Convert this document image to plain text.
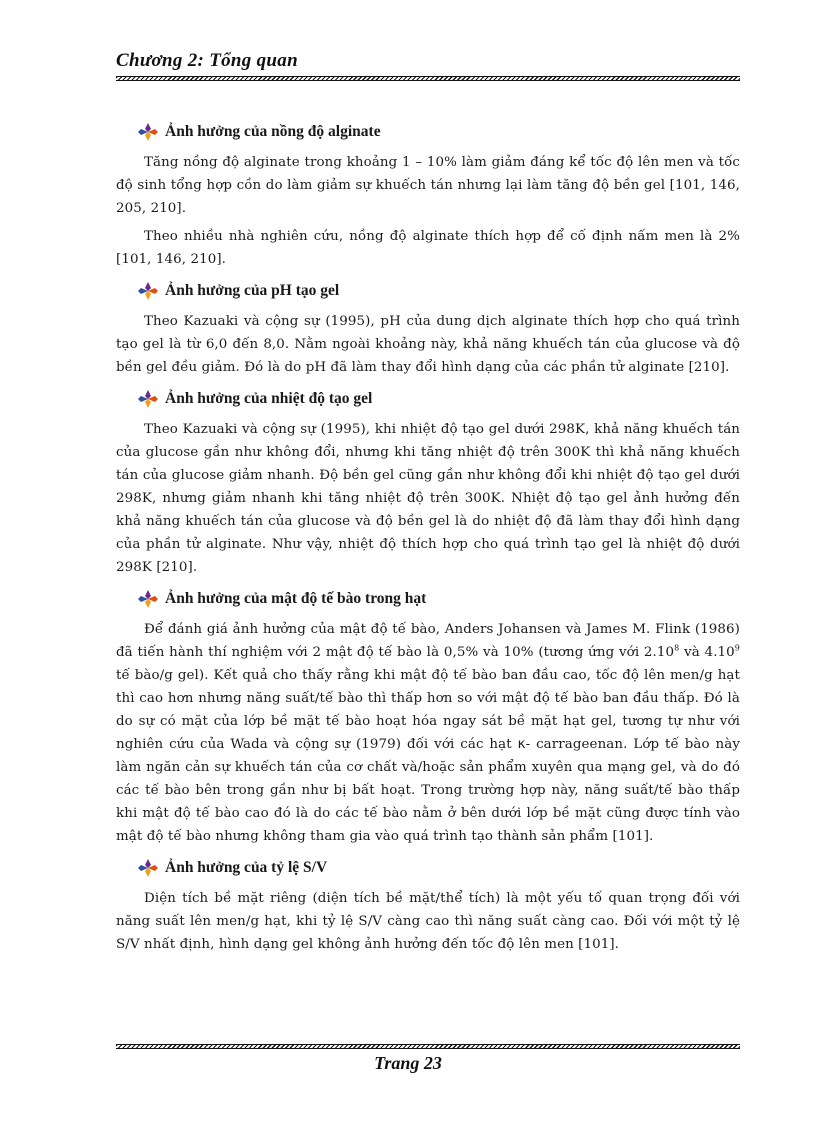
Chương 2: Tổng quan
Ảnh hưởng của nồng độ alginate

Tăng nồng độ alginate trong khoảng 1 – 10% làm giảm đáng kể tốc độ lên men và tốc độ sinh tổng hợp cồn do làm giảm sự khuếch tán nhưng lại làm tăng độ bền gel [101, 146, 205, 210].

Theo nhiều nhà nghiên cứu, nồng độ alginate thích hợp để cố định nấm men là 2% [101, 146, 210].

Ảnh hưởng của pH tạo gel

Theo Kazuaki và cộng sự (1995), pH của dung dịch alginate thích hợp cho quá trình tạo gel là từ 6,0 đến 8,0. Nằm ngoài khoảng này, khả năng khuếch tán của glucose và độ bền gel đều giảm. Đó là do pH đã làm thay đổi hình dạng của các phần tử alginate [210].

Ảnh hưởng của nhiệt độ tạo gel

Theo Kazuaki và cộng sự (1995), khi nhiệt độ tạo gel dưới 298K, khả năng khuếch tán của glucose gần như không đổi, nhưng khi tăng nhiệt độ trên 300K thì khả năng khuếch tán của glucose giảm nhanh. Độ bền gel cũng gần như không đổi khi nhiệt độ tạo gel dưới 298K, nhưng giảm nhanh khi tăng nhiệt độ trên 300K. Nhiệt độ tạo gel ảnh hưởng đến khả năng khuếch tán của glucose và độ bền gel là do nhiệt độ đã làm thay đổi hình dạng của phần tử alginate. Như vậy, nhiệt độ thích hợp cho quá trình tạo gel là nhiệt độ dưới 298K [210].

Ảnh hưởng của mật độ tế bào trong hạt

Để đánh giá ảnh hưởng của mật độ tế bào, Anders Johansen và James M. Flink (1986) đã tiến hành thí nghiệm với 2 mật độ tế bào là 0,5% và 10% (tương ứng với 2.10$^8$ và 4.10$^9$ tế bào/g gel). Kết quả cho thấy rằng khi mật độ tế bào ban đầu cao, tốc độ lên men/g hạt thì cao hơn nhưng năng suất/tế bào thì thấp hơn so với mật độ tế bào ban đầu thấp. Đó là do sự có mặt của lớp bề mặt tế bào hoạt hóa ngay sát bề mặt hạt gel, tương tự như với nghiên cứu của Wada và cộng sự (1979) đối với các hạt κ- carrageenan. Lớp tế bào này làm ngăn cản sự khuếch tán của cơ chất và/hoặc sản phẩm xuyên qua mạng gel, và do đó các tế bào bên trong gần như bị bất hoạt. Trong trường hợp này, năng suất/tế bào thấp khi mật độ tế bào cao đó là do các tế bào nằm ở bên dưới lớp bề mặt cũng được tính vào mật độ tế bào nhưng không tham gia vào quá trình tạo thành sản phẩm [101].

Ảnh hưởng của tỷ lệ S/V

Diện tích bề mặt riêng (diện tích bề mặt/thể tích) là một yếu tố quan trọng đối với năng suất lên men/g hạt, khi tỷ lệ S/V càng cao thì năng suất càng cao. Đối với một tỷ lệ S/V nhất định, hình dạng gel không ảnh hưởng đến tốc độ lên men [101].

Trang 23
